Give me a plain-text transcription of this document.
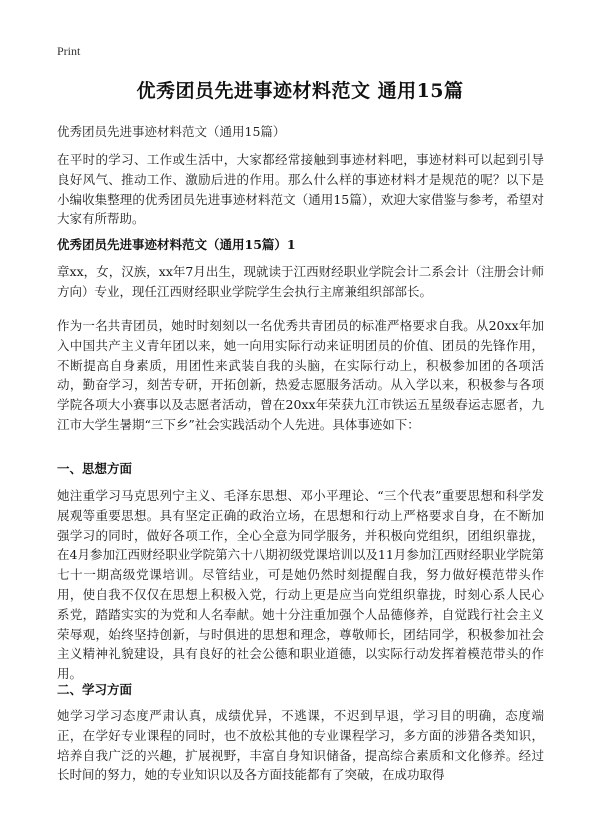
Print
优秀团员先进事迹材料范文 通用15篇
优秀团员先进事迹材料范文（通用15篇）

在平时的学习、工作或生活中，大家都经常接触到事迹材料吧，事迹材料可以起到引导良好风气、推动工作、激励后进的作用。那么什么样的事迹材料才是规范的呢？以下是小编收集整理的优秀团员先进事迹材料范文（通用15篇），欢迎大家借鉴与参考，希望对大家有所帮助。

优秀团员先进事迹材料范文（通用15篇）1

章xx，女，汉族，xx年7月出生，现就读于江西财经职业学院会计二系会计（注册会计师方向）专业，现任江西财经职业学院学生会执行主席兼组织部部长。

作为一名共青团员，她时时刻刻以一名优秀共青团员的标准严格要求自我。从20xx年加入中国共产主义青年团以来，她一向用实际行动来证明团员的价值、团员的先锋作用，不断提高自身素质，用团性来武装自我的头脑，在实际行动上，积极参加团的各项活动，勤奋学习，刻苦专研，开拓创新，热爱志愿服务活动。从入学以来，积极参与各项学院各项大小赛事以及志愿者活动，曾在20xx年荣获九江市铁运五星级春运志愿者，九江市大学生暑期“三下乡”社会实践活动个人先进。具体事迹如下：

一、思想方面

她注重学习马克思列宁主义、毛泽东思想、邓小平理论、“三个代表”重要思想和科学发展观等重要思想。具有坚定正确的政治立场，在思想和行动上严格要求自身，在不断加强学习的同时，做好各项工作，全心全意为同学服务，并积极向党组织，团组织靠拢，在4月参加江西财经职业学院第六十八期初级党课培训以及11月参加江西财经职业学院第七十一期高级党课培训。尽管结业，可是她仍然时刻提醒自我，努力做好模范带头作用，使自我不仅仅在思想上积极入党，行动上更是应当向党组织靠拢，时刻心系人民心系党，踏踏实实的为党和人名奉献。她十分注重加强个人品德修养，自觉践行社会主义荣辱观，始终坚持创新，与时俱进的思想和理念，尊敬师长，团结同学，积极参加社会主义精神礼貌建设，具有良好的社会公德和职业道德，以实际行动发挥着模范带头的作用。

二、学习方面

她学习学习态度严肃认真，成绩优异，不逃课，不迟到早退，学习目的明确，态度端正，在学好专业课程的同时，也不放松其他的专业课程学习，多方面的涉猎各类知识，培养自我广泛的兴趣，扩展视野，丰富自身知识储备，提高综合素质和文化修养。经过长时间的努力，她的专业知识以及各方面技能都有了突破，在成功取得
